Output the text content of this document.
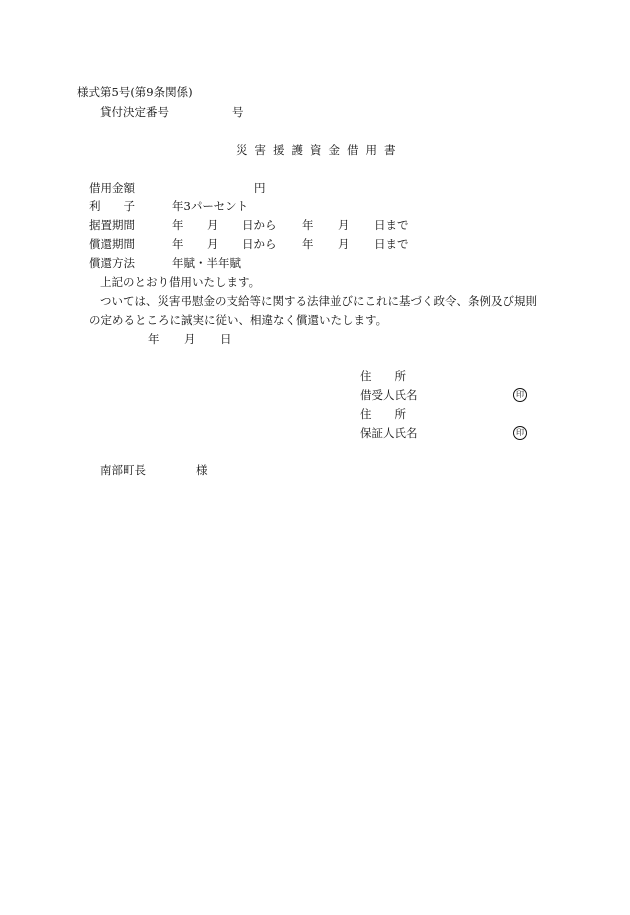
様式第5号(第9条関係)
貸付決定番号	号
災害援護資金借用書
借用金額	円
利　　子	年3パーセント
据置期間	年 月 日から 年 月 日まで
償還期間	年 月 日から 年 月 日まで
償還方法	年賦・半年賦
上記のとおり借用いたします。
ついては、災害弔慰金の支給等に関する法律並びにこれに基づく政令、条例及び規則
の定めるところに誠実に従い、相違なく償還いたします。
年 月 日
住　　所
借受人氏名	印
住　　所
保証人氏名	印
南部町長	様
